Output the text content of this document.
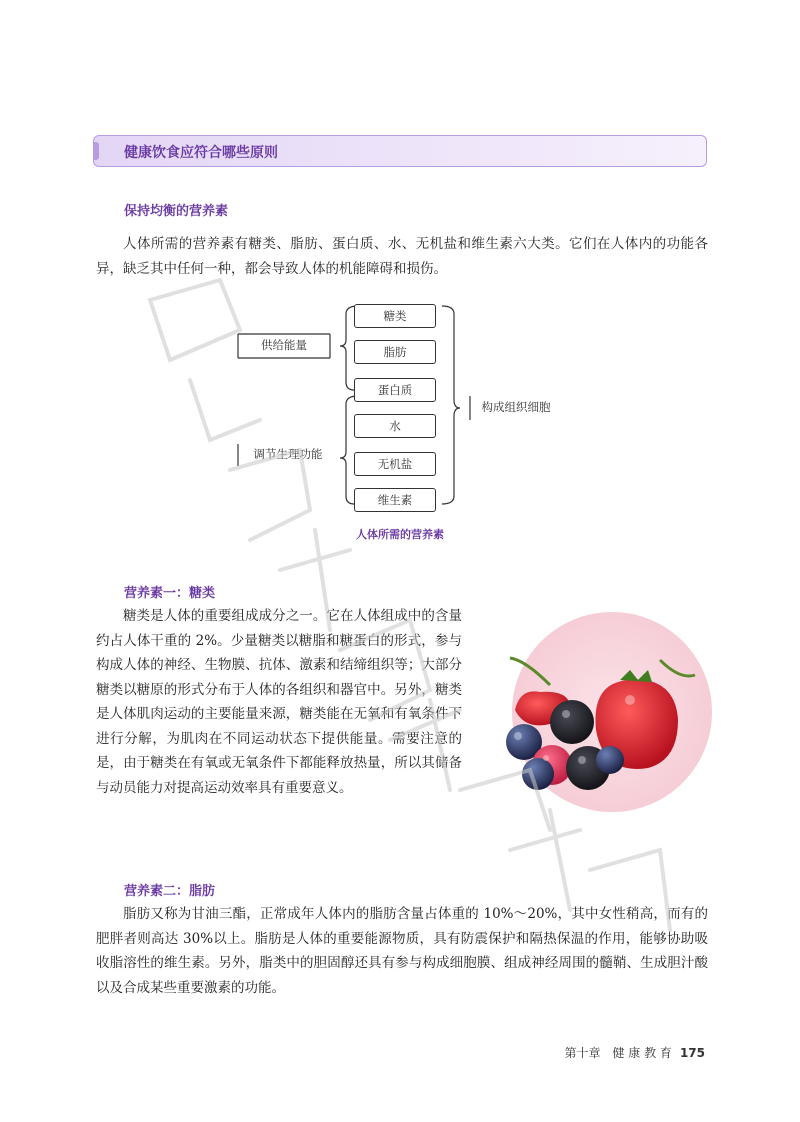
健康饮食应符合哪些原则
保持均衡的营养素

人体所需的营养素有糖类、脂肪、蛋白质、水、无机盐和维生素六大类。它们在人体内的功能各异，缺乏其中任何一种，都会导致人体的机能障碍和损伤。

糖类
脂肪
蛋白质
水
无机盐
维生素
供给能量
调节生理功能
构成组织细胞
人体所需的营养素
营养素一：糖类

糖类是人体的重要组成成分之一。它在人体组成中的含量约占人体干重的 2%。少量糖类以糖脂和糖蛋白的形式，参与构成人体的神经、生物膜、抗体、激素和结缔组织等；大部分糖类以糖原的形式分布于人体的各组织和器官中。另外，糖类是人体肌肉运动的主要能量来源，糖类能在无氧和有氧条件下进行分解，为肌肉在不同运动状态下提供能量。需要注意的是，由于糖类在有氧或无氧条件下都能释放热量，所以其储备与动员能力对提高运动效率具有重要意义。

营养素二：脂肪

脂肪又称为甘油三酯，正常成年人体内的脂肪含量占体重的 10%～20%，其中女性稍高，而有的肥胖者则高达 30%以上。脂肪是人体的重要能源物质，具有防震保护和隔热保温的作用，能够协助吸收脂溶性的维生素。另外，脂类中的胆固醇还具有参与构成细胞膜、组成神经周围的髓鞘、生成胆汁酸以及合成某些重要激素的功能。

第十章　健 康 教 育 175
